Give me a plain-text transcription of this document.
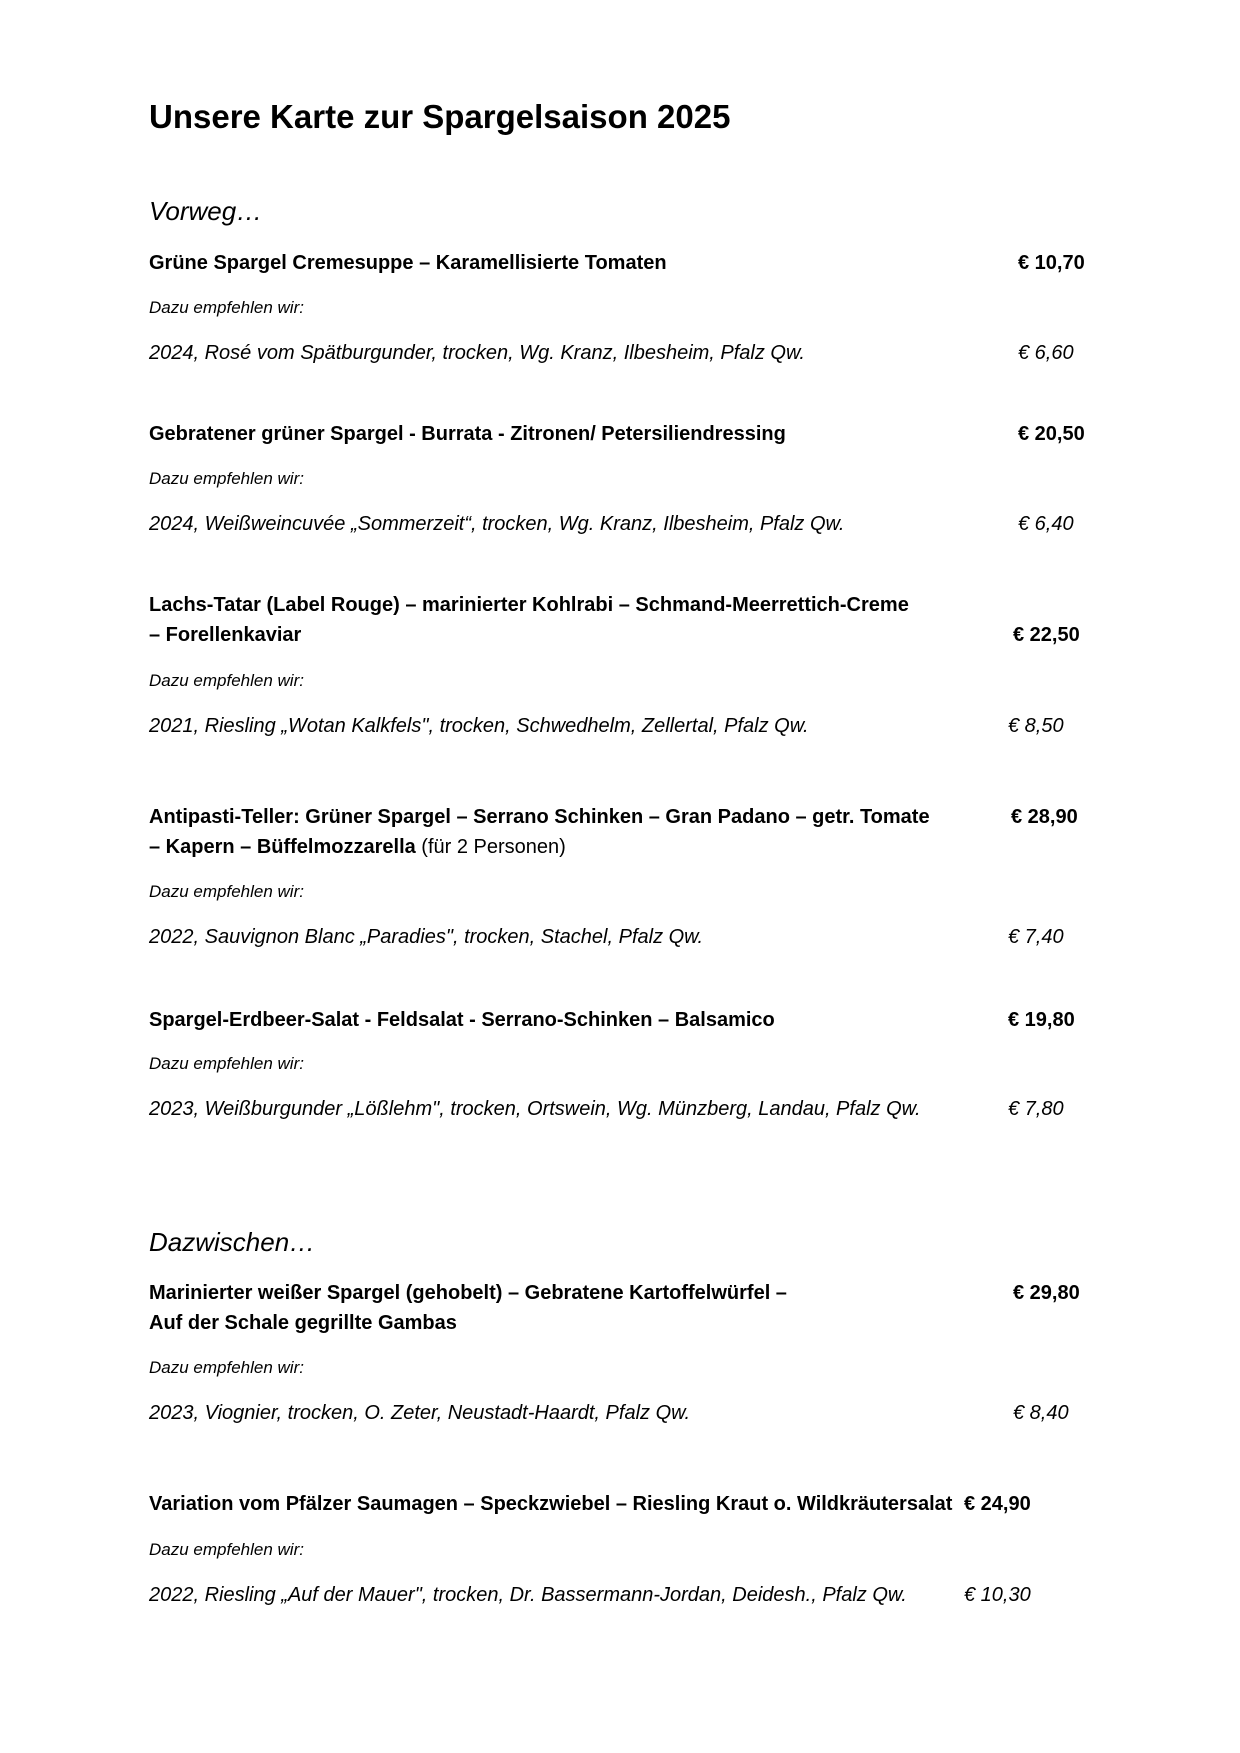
Unsere Karte zur Spargelsaison 2025
Vorweg…
Grüne Spargel Cremesuppe – Karamellisierte Tomaten	€ 10,70
Dazu empfehlen wir:
2024, Rosé vom Spätburgunder, trocken, Wg. Kranz, Ilbesheim, Pfalz Qw.	€ 6,60
Gebratener grüner Spargel - Burrata - Zitronen/ Petersiliendressing	€ 20,50
Dazu empfehlen wir:
2024, Weißweincuvée „Sommerzeit“, trocken, Wg. Kranz, Ilbesheim, Pfalz Qw.	€ 6,40
Lachs-Tatar (Label Rouge) – marinierter Kohlrabi – Schmand-Meerrettich-Creme
– Forellenkaviar	€ 22,50
Dazu empfehlen wir:
2021, Riesling „Wotan Kalkfels", trocken, Schwedhelm, Zellertal, Pfalz Qw.	€ 8,50
Antipasti-Teller: Grüner Spargel – Serrano Schinken – Gran Padano – getr. Tomate
– Kapern – Büffelmozzarella (für 2 Personen)
€ 28,90
Dazu empfehlen wir:
2022, Sauvignon Blanc „Paradies", trocken, Stachel, Pfalz Qw.	€ 7,40
Spargel-Erdbeer-Salat - Feldsalat - Serrano-Schinken – Balsamico	€ 19,80
Dazu empfehlen wir:
2023, Weißburgunder „Lößlehm", trocken, Ortswein, Wg. Münzberg, Landau, Pfalz Qw.	€ 7,80
Dazwischen…
Marinierter weißer Spargel (gehobelt) – Gebratene Kartoffelwürfel –
Auf der Schale gegrillte Gambas
€ 29,80
Dazu empfehlen wir:
2023, Viognier, trocken, O. Zeter, Neustadt-Haardt, Pfalz Qw.	€ 8,40
Variation vom Pfälzer Saumagen – Speckzwiebel – Riesling Kraut o. Wildkräutersalat € 24,90
Dazu empfehlen wir:
2022, Riesling „Auf der Mauer", trocken, Dr. Bassermann-Jordan, Deidesh., Pfalz Qw.	€ 10,30
